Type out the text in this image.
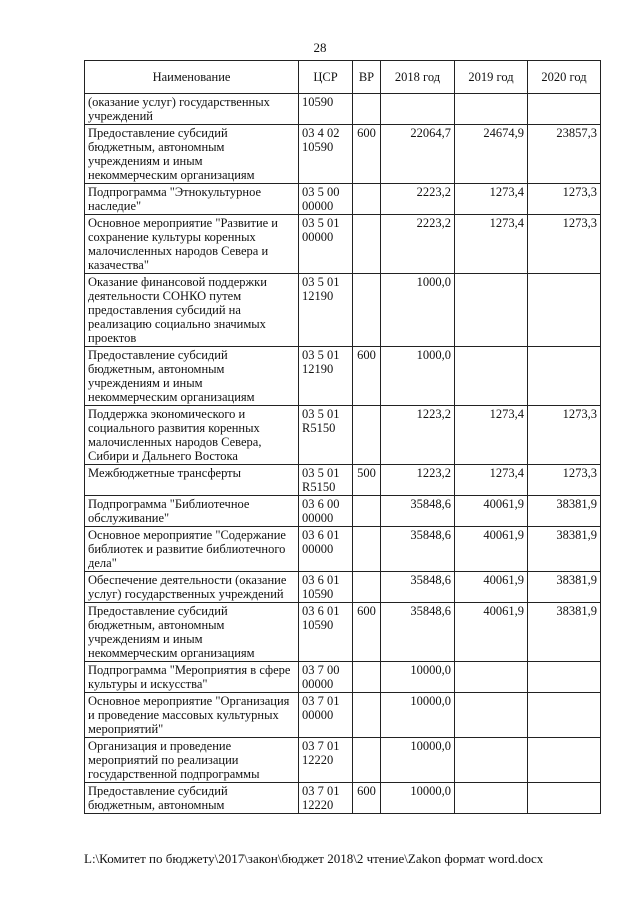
28
Наименование	ЦСР	ВР	2018 год	2019 год	2020 год
(оказание услуг) государственных учреждений	10590				
Предоставление субсидий бюджетным, автономным учреждениям и иным некоммерческим организациям	03 4 02 10590	600	22064,7	24674,9	23857,3
Подпрограмма "Этнокультурное наследие"	03 5 00 00000		2223,2	1273,4	1273,3
Основное мероприятие "Развитие и сохранение культуры коренных малочисленных народов Севера и казачества"	03 5 01 00000		2223,2	1273,4	1273,3
Оказание финансовой поддержки деятельности СОНКО путем предоставления субсидий на реализацию социально значимых проектов	03 5 01 12190		1000,0		
Предоставление субсидий бюджетным, автономным учреждениям и иным некоммерческим организациям	03 5 01 12190	600	1000,0		
Поддержка экономического и социального развития коренных малочисленных народов Севера, Сибири и Дальнего Востока	03 5 01 R5150		1223,2	1273,4	1273,3
Межбюджетные трансферты	03 5 01 R5150	500	1223,2	1273,4	1273,3
Подпрограмма "Библиотечное обслуживание"	03 6 00 00000		35848,6	40061,9	38381,9
Основное мероприятие "Содержание библиотек и развитие библиотечного дела"	03 6 01 00000		35848,6	40061,9	38381,9
Обеспечение деятельности (оказание услуг) государственных учреждений	03 6 01 10590		35848,6	40061,9	38381,9
Предоставление субсидий бюджетным, автономным учреждениям и иным некоммерческим организациям	03 6 01 10590	600	35848,6	40061,9	38381,9
Подпрограмма "Мероприятия в сфере культуры и искусства"	03 7 00 00000		10000,0		
Основное мероприятие "Организация и проведение массовых культурных мероприятий"	03 7 01 00000		10000,0		
Организация и проведение мероприятий по реализации государственной подпрограммы	03 7 01 12220		10000,0		
Предоставление субсидий бюджетным, автономным	03 7 01 12220	600	10000,0		
L:\Комитет по бюджету\2017\закон\бюджет 2018\2 чтение\Zakon формат word.docx
